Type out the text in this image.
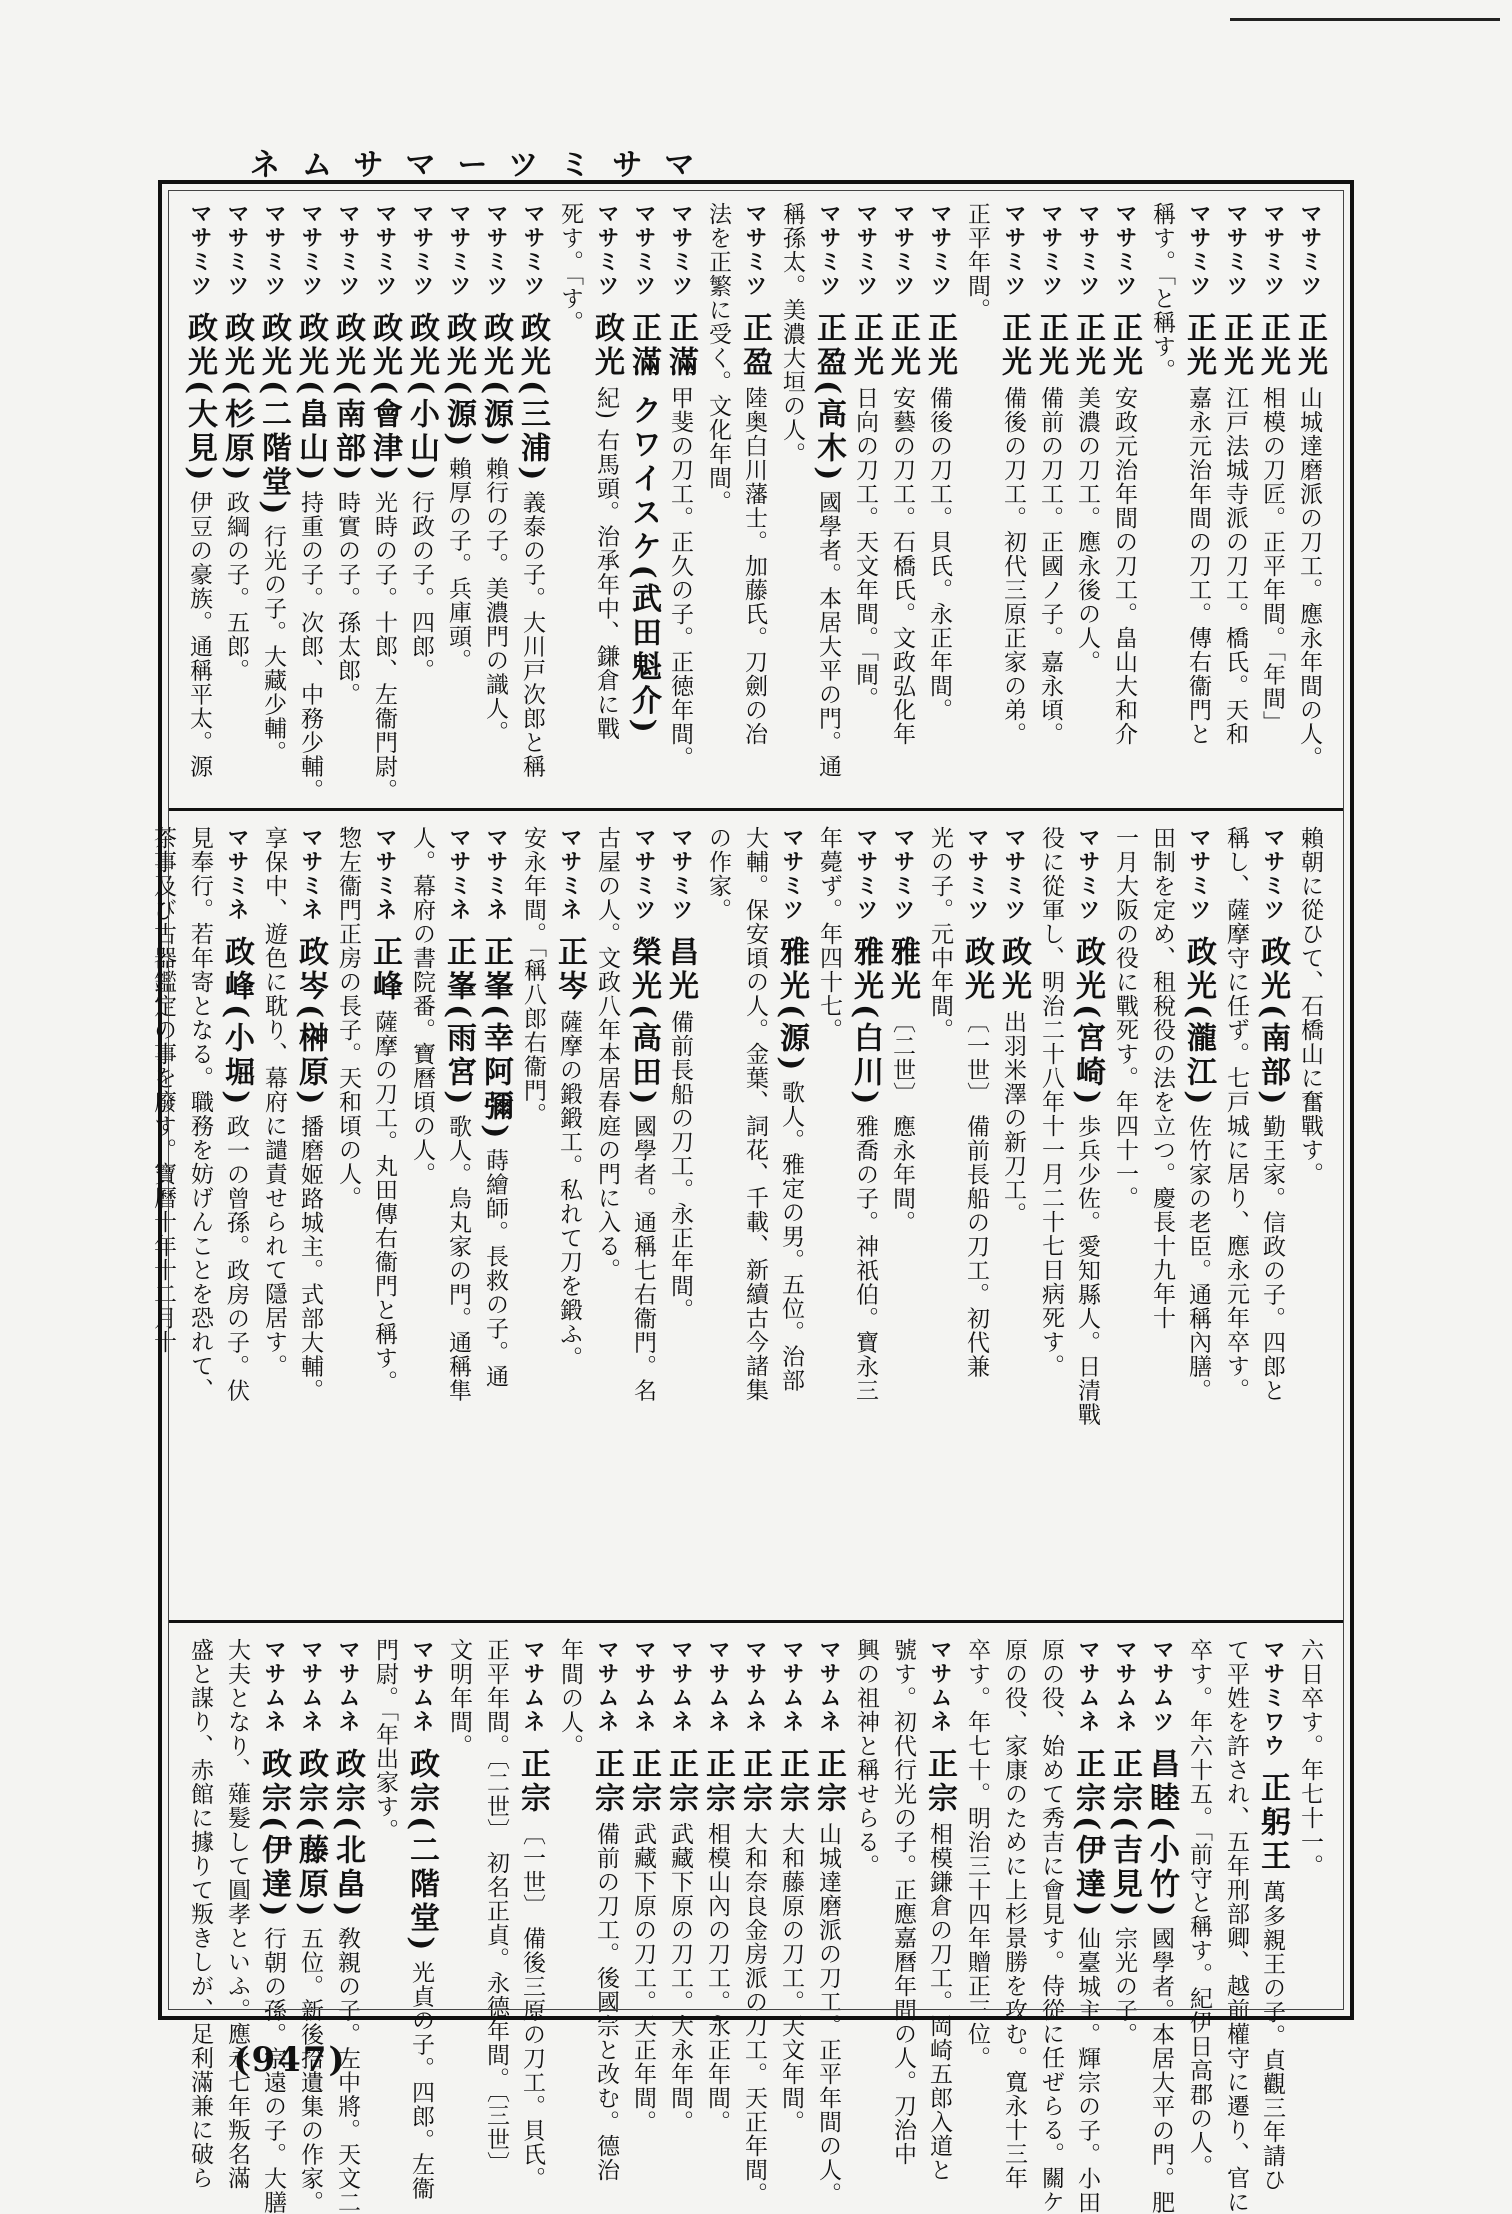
ネムサマーツミサマ
マサミツ正光山城達磨派の刀工。應永年間の人。
マサミツ正光相模の刀匠。正平年間。「年間」
マサミツ正光江戸法城寺派の刀工。橋氏。天和
マサミツ正光嘉永元治年間の刀工。傳右衞門と
稱す。「と稱す。
マサミツ正光安政元治年間の刀工。畠山大和介
マサミツ正光美濃の刀工。應永後の人。
マサミツ正光備前の刀工。正國ノ子。嘉永頃。
マサミツ正光備後の刀工。初代三原正家の弟。
正平年間。
マサミツ正光備後の刀工。貝氏。永正年間。
マサミツ正光安藝の刀工。石橋氏。文政弘化年
マサミツ正光日向の刀工。天文年間。「間。
マサミツ正盈(高木)國學者。本居大平の門。通
稱孫太。美濃大垣の人。
マサミツ正盈陸奥白川藩士。加藤氏。刀劍の冶
法を正繁に受く。文化年間。
マサミツ正滿甲斐の刀工。正久の子。正徳年間。
マサミツ正滿 クワイスケ(武田魁介)
マサミツ政光紀) 右馬頭。治承年中、鎌倉に戰
死す。「す。
マサミツ政光(三浦)義泰の子。大川戸次郎と稱
マサミツ政光(源)賴行の子。美濃門の識人。
マサミツ政光(源)賴厚の子。兵庫頭。
マサミツ政光(小山)行政の子。四郎。
マサミツ政光(會津)光時の子。十郎、左衞門尉。
マサミツ政光(南部)時實の子。孫太郎。
マサミツ政光(畠山)持重の子。次郎、中務少輔。
マサミツ政光(二階堂)行光の子。大藏少輔。
マサミツ政光(杉原)政綱の子。五郎。
マサミツ政光(大見)伊豆の豪族。通稱平太。源
賴朝に從ひて、石橋山に奮戰す。
マサミツ政光(南部)勤王家。信政の子。四郎と
稱し、薩摩守に任ず。七戸城に居り、應永元年卒す。
マサミツ政光(瀧江)佐竹家の老臣。通稱內膳。
田制を定め、租稅役の法を立つ。慶長十九年十
一月大阪の役に戰死す。年四十一。
マサミツ政光(宮崎)歩兵少佐。愛知縣人。日清戰
役に從軍し、明治二十八年十一月二十七日病死す。
マサミツ政光出羽米澤の新刀工。
マサミツ政光〔一世〕 備前長船の刀工。初代兼
光の子。元中年間。
マサミツ雅光〔二世〕 應永年間。
マサミツ雅光(白川)雅喬の子。神祇伯。寶永三
年薨ず。年四十七。
マサミツ雅光(源)歌人。雅定の男。五位。治部
大輔。保安頃の人。金葉、詞花、千載、新續古今諸集
の作家。
マサミツ昌光備前長船の刀工。永正年間。
マサミツ榮光(高田)國學者。通稱七右衞門。名
古屋の人。文政八年本居春庭の門に入る。
マサミネ正岑薩摩の鍛鍛工。私れて刀を鍛ふ。
安永年間。「稱八郎右衞門。
マサミネ正峯(幸阿彌)蒔繪師。長救の子。通
マサミネ正峯(雨宮)歌人。烏丸家の門。通稱隼
人。幕府の書院番。寶曆頃の人。
マサミネ正峰薩摩の刀工。丸田傳右衞門と稱す。
惣左衞門正房の長子。天和頃の人。
マサミネ政岑(榊原)播磨姬路城主。式部大輔。
享保中、遊色に耽り、幕府に譴責せられて隱居す。
マサミネ政峰(小堀)政一の曾孫。政房の子。伏
見奉行。若年寄となる。職務を妨げんことを恐れて、
茶事及び古器鑑定の事を廢す。寶曆十年十二月十
六日卒す。年七十一。
マサミワウ正躬王萬多親王の子。貞觀三年請ひ
て平姓を許され、五年刑部卿、越前權守に遷り、官に
卒す。年六十五。「前守と稱す。紀伊日高郡の人。
マサムツ昌睦(小竹)國學者。本居大平の門。肥
マサムネ正宗(吉見)宗光の子。
マサムネ正宗(伊達)仙臺城主。輝宗の子。小田
原の役、始めて秀吉に會見す。侍從に任ぜらる。關ケ
原の役、家康のために上杉景勝を攻む。寬永十三年
卒す。年七十。明治三十四年贈正三位。
マサムネ正宗相模鎌倉の刀工。岡崎五郎入道と
號す。初代行光の子。正應嘉曆年間の人。刀治中
興の祖神と稱せらる。
マサムネ正宗山城達磨派の刀工。正平年間の人。
マサムネ正宗大和藤原の刀工。天文年間。
マサムネ正宗大和奈良金房派の刀工。天正年間。
マサムネ正宗相模山內の刀工。永正年間。
マサムネ正宗武藏下原の刀工。大永年間。
マサムネ正宗武藏下原の刀工。天正年間。
マサムネ正宗備前の刀工。後國宗と改む。德治
年間の人。
マサムネ正宗〔一世〕 備後三原の刀工。貝氏。
正平年間。〔二世〕 初名正貞。永德年間。〔三世〕
文明年間。
マサムネ政宗(二階堂)光貞の子。四郎。左衞
門尉。「年出家す。
マサムネ政宗(北畠)敎親の子。左中將。天文二
マサムネ政宗(藤原)五位。新後拾遺集の作家。
マサムネ政宗(伊達)行朝の孫。宗遠の子。大膳
大夫となり、薙髮して圓孝といふ。應永七年叛名滿
盛と謀り、赤館に據りて叛きしが、足利滿兼に破ら (947)
